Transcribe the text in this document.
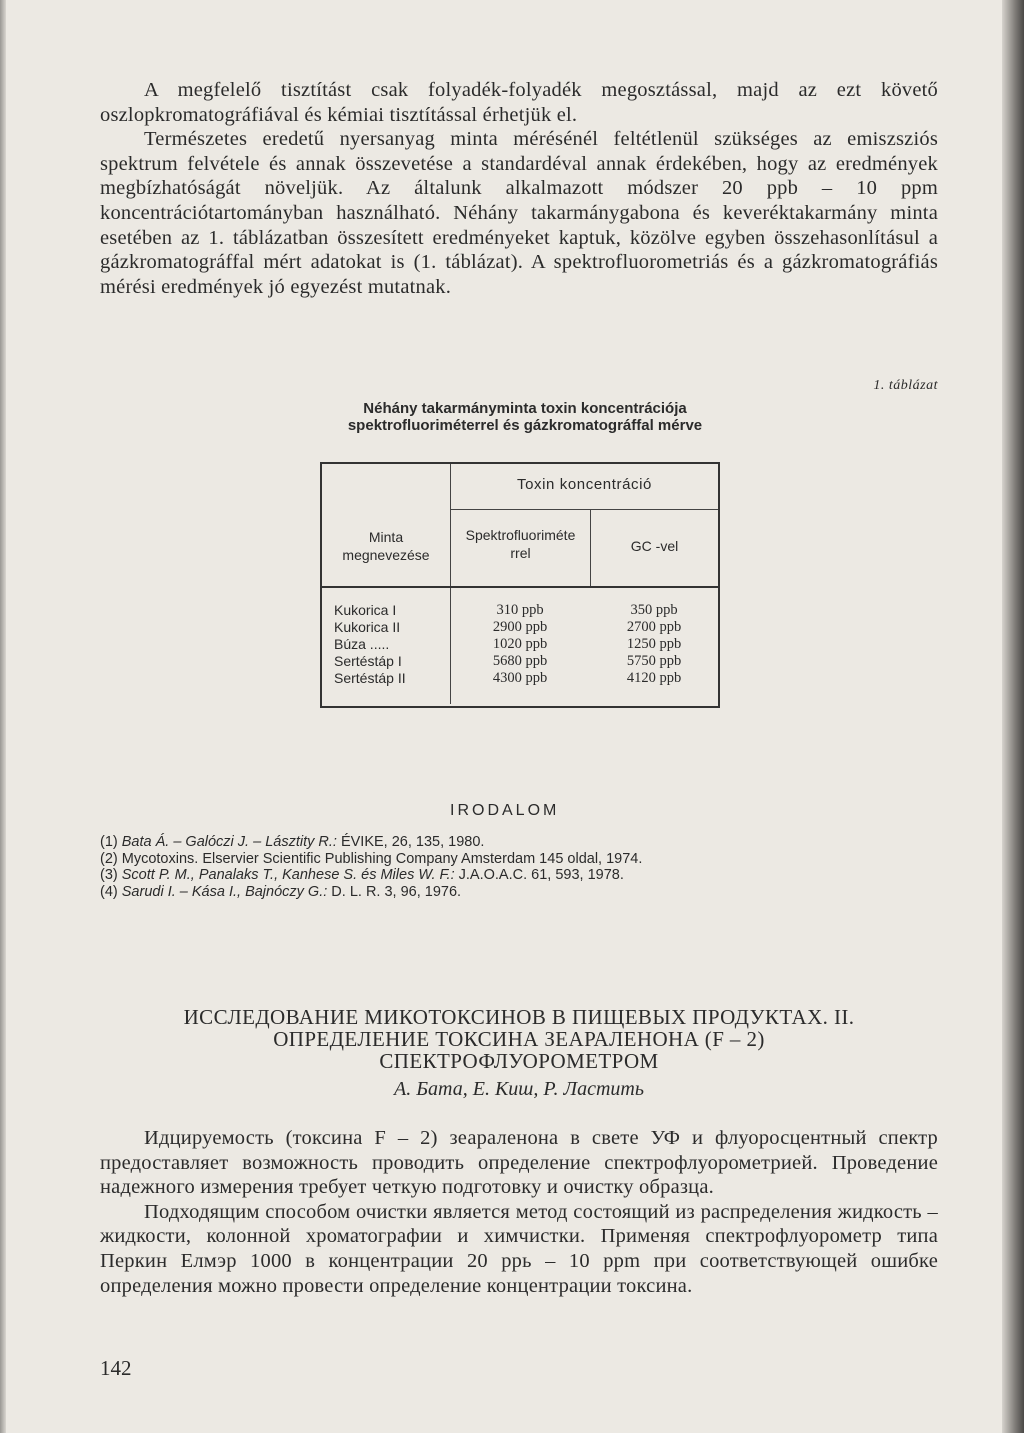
A megfelelő tisztítást csak folyadék-folyadék megosztással, majd az ezt követő oszlopkromatográfiával és kémiai tisztítással érhetjük el.

Természetes eredetű nyersanyag minta mérésénél feltétlenül szükséges az emiszsziós spektrum felvétele és annak összevetése a standardéval annak érdekében, hogy az eredmények megbízhatóságát növeljük. Az általunk alkalmazott módszer 20 ppb – 10 ppm koncentrációtartományban használható. Néhány takarmánygabona és keveréktakarmány minta esetében az 1. táblázatban összesített eredményeket kaptuk, közölve egyben összehasonlításul a gázkromatográffal mért adatokat is (1. táblázat). A spektrofluorometriás és a gázkromatográfiás mérési eredmények jó egyezést mutatnak.

1. táblázat
Néhány takarmányminta toxin koncentrációja spektrofluoriméterrel és gázkromatográffal mérve
Toxin koncentráció
Minta megnevezése
Spektrofluoriméterrel	GC -vel
Kukorica I	310 ppb	350 ppb
Kukorica II	2900 ppb	2700 ppb
Búza .....	1020 ppb	1250 ppb
Sertéstáp I	5680 ppb	5750 ppb
Sertéstáp II	4300 ppb	4120 ppb
IRODALOM
(1) Bata Á. – Galóczi J. – Lásztity R.: ÉVIKE, 26, 135, 1980.
(2) Mycotoxins. Elservier Scientific Publishing Company Amsterdam 145 oldal, 1974.
(3) Scott P. M., Panalaks T., Kanhese S. és Miles W. F.: J.A.O.A.C. 61, 593, 1978.
(4) Sarudi I. – Kása I., Bajnóczy G.: D. L. R. 3, 96, 1976.
ИССЛЕДОВАНИЕ МИКОТОКСИНОВ В ПИЩЕВЫХ ПРОДУКТАХ. II.
ОПРЕДЕЛЕНИЕ ТОКСИНА ЗЕАРАЛЕНОНА (F – 2)
СПЕКТРОФЛУОРОМЕТРОМ
А. Бата, Е. Киш, Р. Ластить

Идцируемость (токсина F – 2) зеараленона в свете УФ и флуоросцентный спектр предоставляет возможность проводить определение спектрофлуорометрией. Проведение надежного измерения требует четкую подготовку и очистку образца.

Подходящим способом очистки является метод состоящий из распределения жидкость – жидкости, колонной хроматографии и химчистки. Применяя спектрофлуорометр типа Перкин Елмэр 1000 в концентрации 20 ррь – 10 ррm при соответствующей ошибке определения можно провести определение концентрации токсина.

142
